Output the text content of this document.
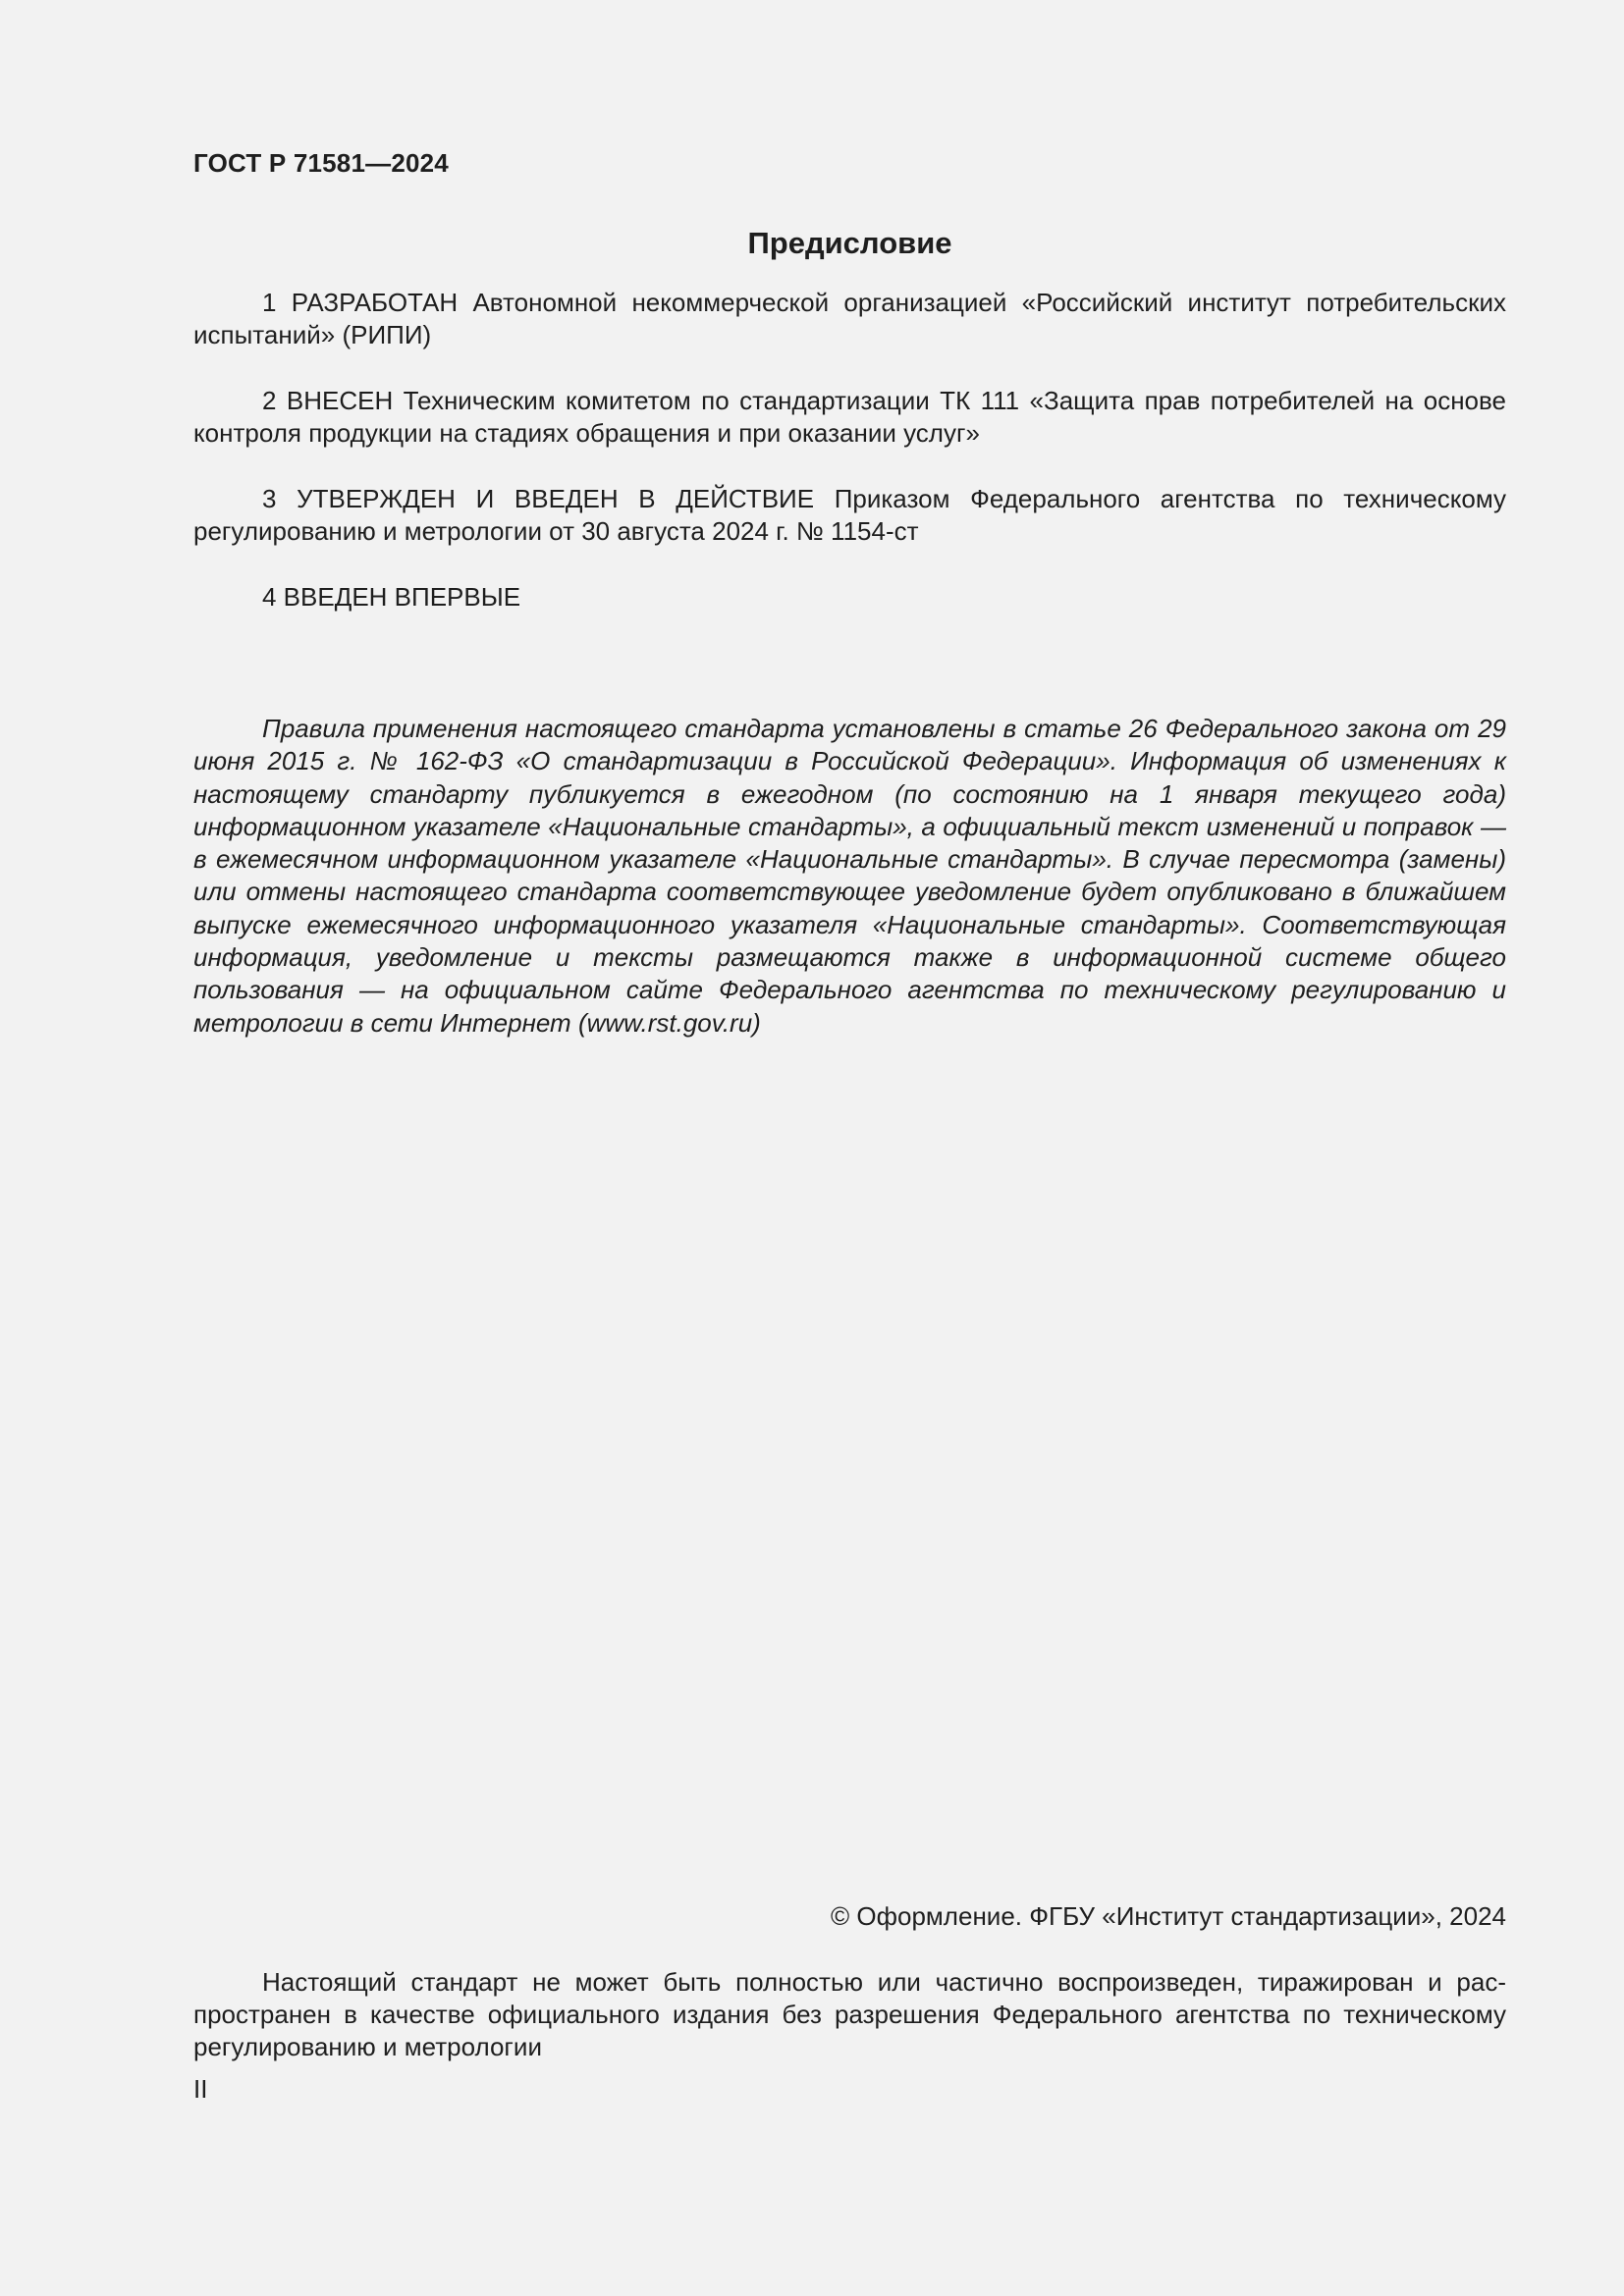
ГОСТ Р 71581—2024
Предисловие

1 РАЗРАБОТАН Автономной некоммерческой организацией «Российский институт потребительских испытаний» (РИПИ)

2 ВНЕСЕН Техническим комитетом по стандартизации ТК 111 «Защита прав потребителей на основе контроля продукции на стадиях обращения и при оказании услуг»

3 УТВЕРЖДЕН И ВВЕДЕН В ДЕЙСТВИЕ Приказом Федерального агентства по техническому регулированию и метрологии от 30 августа 2024 г. № 1154-ст

4 ВВЕДЕН ВПЕРВЫЕ

Правила применения настоящего стандарта установлены в статье 26 Федерального закона от 29 июня 2015 г. № 162-ФЗ «О стандартизации в Российской Федерации». Информация об изменениях к настоящему стандарту публикуется в ежегодном (по состоянию на 1 января текущего года) информационном указателе «Национальные стандарты», а официальный текст изменений и поправок — в ежемесячном информационном указателе «Национальные стандарты». В случае пересмотра (замены) или отмены настоящего стандарта соответствующее уведомление будет опубликовано в ближайшем выпуске ежемесячного информационного указателя «Национальные стандарты». Соответствующая информация, уведомление и тексты размещаются также в информационной системе общего пользования — на официальном сайте Федерального агентства по техническому регулированию и метрологии в сети Интернет (www.rst.gov.ru)

© Оформление. ФГБУ «Институт стандартизации», 2024

Настоящий стандарт не может быть полностью или частично воспроизведен, тиражирован и распространен в качестве официального издания без разрешения Федерального агентства по техническому регулированию и метрологии

II
